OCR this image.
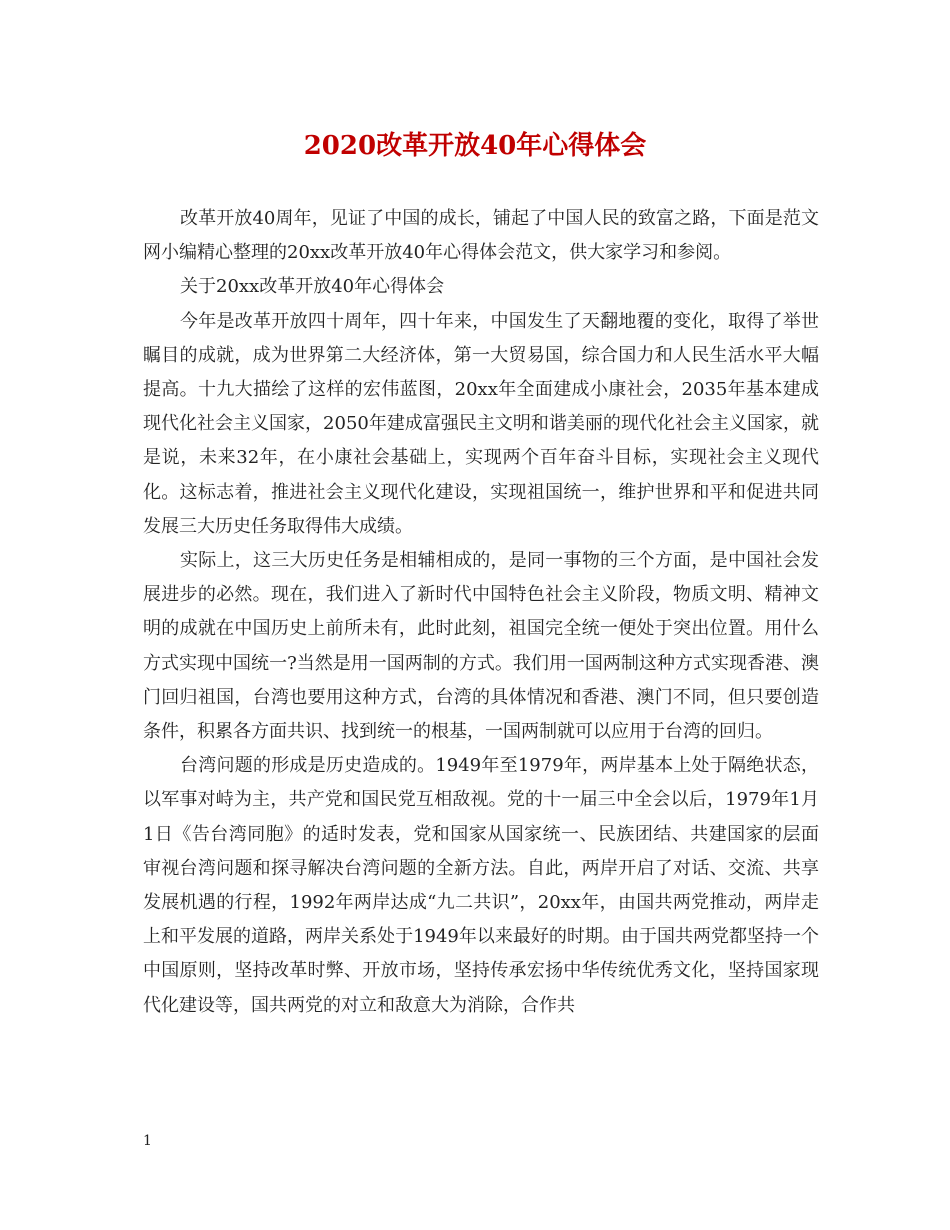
2020改革开放40年心得体会

改革开放40周年，见证了中国的成长，铺起了中国人民的致富之路，下面是范文网小编精心整理的20xx改革开放40年心得体会范文，供大家学习和参阅。

关于20xx改革开放40年心得体会

今年是改革开放四十周年，四十年来，中国发生了天翻地覆的变化，取得了举世瞩目的成就，成为世界第二大经济体，第一大贸易国，综合国力和人民生活水平大幅提高。十九大描绘了这样的宏伟蓝图，20xx年全面建成小康社会，2035年基本建成现代化社会主义国家，2050年建成富强民主文明和谐美丽的现代化社会主义国家，就是说，未来32年，在小康社会基础上，实现两个百年奋斗目标，实现社会主义现代化。这标志着，推进社会主义现代化建设，实现祖国统一，维护世界和平和促进共同发展三大历史任务取得伟大成绩。

实际上，这三大历史任务是相辅相成的，是同一事物的三个方面，是中国社会发展进步的必然。现在，我们进入了新时代中国特色社会主义阶段，物质文明、精神文明的成就在中国历史上前所未有，此时此刻，祖国完全统一便处于突出位置。用什么方式实现中国统一?当然是用一国两制的方式。我们用一国两制这种方式实现香港、澳门回归祖国，台湾也要用这种方式，台湾的具体情况和香港、澳门不同，但只要创造条件，积累各方面共识、找到统一的根基，一国两制就可以应用于台湾的回归。

台湾问题的形成是历史造成的。1949年至1979年，两岸基本上处于隔绝状态，以军事对峙为主，共产党和国民党互相敌视。党的十一届三中全会以后，1979年1月1日《告台湾同胞》的适时发表，党和国家从国家统一、民族团结、共建国家的层面审视台湾问题和探寻解决台湾问题的全新方法。自此，两岸开启了对话、交流、共享发展机遇的行程，1992年两岸达成“九二共识”，20xx年，由国共两党推动，两岸走上和平发展的道路，两岸关系处于1949年以来最好的时期。由于国共两党都坚持一个中国原则，坚持改革时弊、开放市场，坚持传承宏扬中华传统优秀文化，坚持国家现代化建设等，国共两党的对立和敌意大为消除，合作共

1
